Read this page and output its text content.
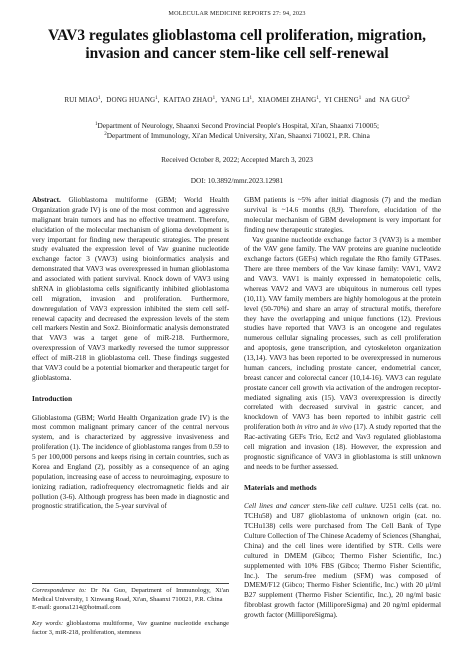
MOLECULAR MEDICINE REPORTS 27: 94, 2023
VAV3 regulates glioblastoma cell proliferation, migration,
invasion and cancer stem-like cell self-renewal
RUI MIAO$^1$,  DONG HUANG$^1$,  KAITAO ZHAO$^1$,  YANG $LI^1$,  XIAOMEI ZHANG$^1$,  YI CHENG$^1$  and  NA GUO$^2$
$^1$Department of Neurology, Shaanxi Second Provincial People's Hospital, Xi'an, Shaanxi 710005;
$^2$Department of Immunology, Xi'an Medical University, Xi'an, Shaanxi 710021, P.R. China
Received October 8, 2022; Accepted March 3, 2023
DOI: 10.3892/mmr.2023.12981

Abstract. Glioblastoma multiforme (GBM; World Health Organization grade IV) is one of the most common and aggressive malignant brain tumors and has no effective treatment. Therefore, elucidation of the molecular mechanism of glioma development is very important for finding new therapeutic strategies. The present study evaluated the expression level of Vav guanine nucleotide exchange factor 3 (VAV3) using bioinformatics analysis and demonstrated that VAV3 was overexpressed in human glioblastoma and associated with patient survival. Knock down of VAV3 using shRNA in glioblastoma cells significantly inhibited glioblastoma cell migration, invasion and proliferation. Furthermore, downregulation of VAV3 expression inhibited the stem cell self-renewal capacity and decreased the expression levels of the stem cell markers Nestin and Sox2. Bioinformatic analysis demonstrated that VAV3 was a target gene of miR-218. Furthermore, overexpression of VAV3 markedly reversed the tumor suppressor effect of miR-218 in glioblastoma cell. These findings suggested that VAV3 could be a potential biomarker and therapeutic target for glioblastoma.

Introduction

Glioblastoma (GBM; World Health Organization grade IV) is the most common malignant primary cancer of the central nervous system, and is characterized by aggressive invasiveness and proliferation (1). The incidence of glioblastoma ranges from 0.59 to 5 per 100,000 persons and keeps rising in certain countries, such as Korea and England (2), possibly as a consequence of an aging population, increasing ease of access to neuroimaging, exposure to ionizing radiation, radiofrequency electromagnetic fields and air pollution (3-6). Although progress has been made in diagnostic and prognostic stratification, the 5-year survival of

Correspondence to: Dr Na Guo, Department of Immunology, Xi'an Medical University, 1 Xinwang Road, Xi'an, Shaanxi 710021, P.R. China

E-mail: guona1214@hotmail.com

Key words: glioblastoma multiforme, Vav guanine nucleotide exchange factor 3, miR-218, proliferation, stemness

GBM patients is ~5% after initial diagnosis (7) and the median survival is ~14.6 months (8,9). Therefore, elucidation of the molecular mechanism of GBM development is very important for finding new therapeutic strategies.

Vav guanine nucleotide exchange factor 3 (VAV3) is a member of the VAV gene family. The VAV proteins are guanine nucleotide exchange factors (GEFs) which regulate the Rho family GTPases. There are three members of the Vav kinase family: VAV1, VAV2 and VAV3. VAV1 is mainly expressed in hematopoietic cells, whereas VAV2 and VAV3 are ubiquitous in numerous cell types (10,11). VAV family members are highly homologous at the protein level (50-70%) and share an array of structural motifs, therefore they have the overlapping and unique functions (12). Previous studies have reported that VAV3 is an oncogene and regulates numerous cellular signaling processes, such as cell proliferation and apoptosis, gene transcription, and cytoskeleton organization (13,14). VAV3 has been reported to be overexpressed in numerous human cancers, including prostate cancer, endometrial cancer, breast cancer and colorectal cancer (10,14-16). VAV3 can regulate prostate cancer cell growth via activation of the androgen receptor-mediated signaling axis (15). VAV3 overexpression is directly correlated with decreased survival in gastric cancer, and knockdown of VAV3 has been reported to inhibit gastric cell proliferation both in vitro and in vivo (17). A study reported that the Rac-activating GEFs Trio, Ect2 and Vav3 regulated glioblastoma cell migration and invasion (18). However, the expression and prognostic significance of VAV3 in glioblastoma is still unknown and needs to be further assessed.

Materials and methods

Cell lines and cancer stem-like cell culture. U251 cells (cat. no. TCHu58) and U87 glioblastoma of unknown origin (cat. no. TCHu138) cells were purchased from The Cell Bank of Type Culture Collection of The Chinese Academy of Sciences (Shanghai, China) and the cell lines were identified by STR. Cells were cultured in DMEM (Gibco; Thermo Fisher Scientific, Inc.) supplemented with 10% FBS (Gibco; Thermo Fisher Scientific, Inc.). The serum-free medium (SFM) was composed of DMEM/F12 (Gibco; Thermo Fisher Scientific, Inc.) with 20 μl/ml B27 supplement (Thermo Fisher Scientific, Inc.), 20 ng/ml basic fibroblast growth factor (MilliporeSigma) and 20 ng/ml epidermal growth factor (MilliporeSigma).
